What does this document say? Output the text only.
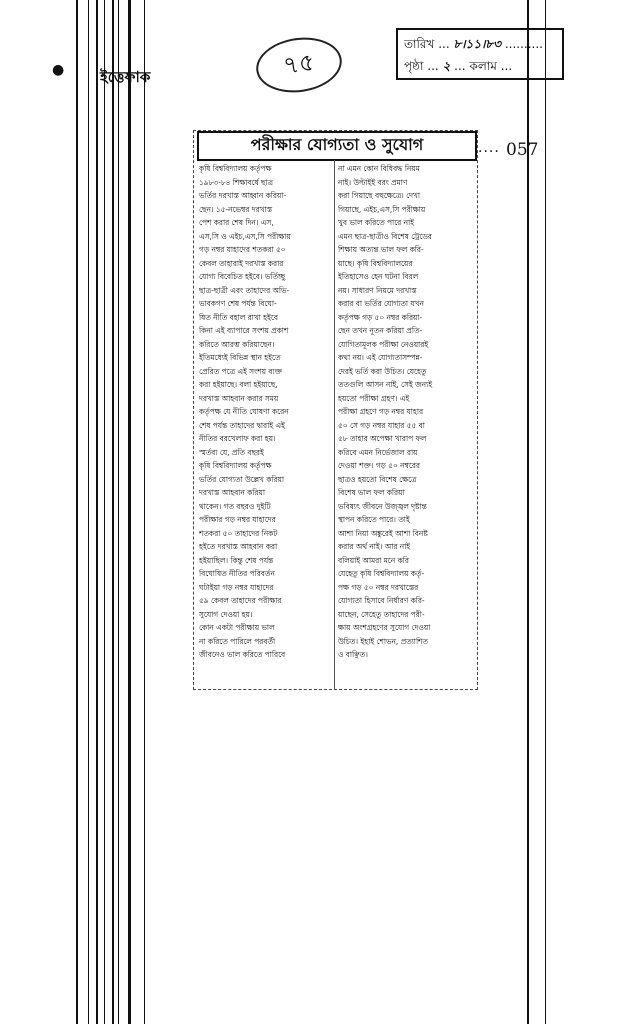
● ইত্তেফাক	৭৫
তারিখ ... ৮।১১।৮৩ ..........
পৃষ্ঠা ... ২ ... কলাম ...
.... 057
পরীক্ষার যোগ্যতা ও সুযোগ

কৃষি বিশ্ববিদ্যালয় কর্তৃপক্ষ

১৯৮৩-৮৪ শিক্ষাবর্ষে ছাত্র

ভর্তির দরখাস্ত আহ্বান করিয়া-

ছেন। ১৫-নভেম্বর দরখাস্ত

পেশ করার শেষ দিন। এস,

এস,সি ও এইচ,এস,সি পরীক্ষায়

গড় নম্বর যাহাদের শতকরা ৫০

কেবল তাহারাই দরখাস্ত করার

যোগ্য বিবেচিত হইবে। ভর্তিচ্ছু

ছাত্র-ছাত্রী এবং তাহাদের অভি-

ভাবকগণ শেষ পর্যন্ত বিঘো-

ষিত নীতি বহাল রাখা হইবে

কিনা এই ব্যাপারে সংশয় প্রকাশ

করিতে আরম্ভ করিয়াছেন।

ইতিমধ্যেই বিভিন্ন স্থান হইতে

প্রেরিত পত্রে এই সংশয় ব্যক্ত

করা হইয়াছে। বলা হইয়াছে,

দরখাস্ত আহবান করার সময়

কর্তৃপক্ষ যে নীতি ঘোষণা করেন

শেষ পর্যন্ত তাহাদের দ্বারাই এই

নীতির বরখেলাফ করা হয়।

স্মর্তব্য যে, প্রতি বছরই

কৃষি বিশ্ববিদ্যালয় কর্তৃপক্ষ

ভর্তির যোগ্যতা উল্লেখ করিয়া

দরখাস্ত আহবান করিয়া

থাকেন। গত বছরও দুইটি

পরীক্ষার গড় নম্বর যাহাদের

শতকরা ৫০ তাহাদের নিকট

হইতে দরখাস্ত আহবান করা

হইয়াছিল। কিন্তু শেষ পর্যন্ত

বিঘোষিত নীতির পরিবর্তন

ঘটাইয়া গড় নম্বর যাহাদের

৫৯ কেবল তাহাদের পরীক্ষার

সুযোগ দেওয়া হয়।

কোন একটা পরীক্ষায় ভাল

না করিতে পারিলে পরবর্তী

জীবনেও ভাল করিতে পারিবে

না এমন কোন বিধিবদ্ধ নিয়ম

নাই। উল্টাইই বরং প্রমাণ

করা গিয়াছে বহুক্ষেত্রে। দেখা

গিয়াছে, এইচ,এস,সি পরীক্ষায়

খুব ভাল করিতে পারে নাই

এমন ছাত্র-ছাত্রীও বিশেষ ট্রেডের

শিক্ষায় অত্যন্ত ভাল ফল করি-

য়াছে। কৃষি বিশ্ববিদ্যালয়ের

ইতিহাসেও হেন ঘটনা বিরল

নয়। সাধারণ নিয়মে দরখাস্ত

করার বা ভর্তির যোগ্যতা যখন

কর্তৃপক্ষ গড় ৫০ নম্বর করিয়া-

ছেন তখন নূতন করিয়া প্রতি-

যোগিতামূলক পরীক্ষা নেওয়ারই

কথা নয়। এই যোগ্যতাসম্পন্ন-

দেরই ভর্তি করা উচিত। যেহেতু

ততগুলি আসন নাই, সেই জন্যই

হয়তো পরীক্ষা গ্রহণ। এই

পরীক্ষা গ্রহণে গড় নম্বর যাহার

৫০ সে গড় নম্বর যাহার ৫৫ বা

৫৮ তাহার অপেক্ষা খারাপ ফল

করিবে এমন নির্ভেজাল রায়

দেওয়া শক্ত। গড় ৫০ নম্বরের

ছাত্রও হয়তো বিশেষ ক্ষেত্রে

বিশেষ ভাল ফল করিয়া

ভবিষ্যৎ জীবনে উজ্জ্বল দৃষ্টান্ত

স্থাপন করিতে পারে। তাই

আশা নিয়া অঙ্কুরেই আশা বিনষ্ট

করার অর্থ নাই। আর নাই

বলিয়াই আমরা মনে করি

যেহেতু কৃষি বিশ্ববিদ্যালয় কর্তৃ-

পক্ষ গড় ৫০ নম্বর দরখাস্তের

যোগ্যতা হিসাবে নির্ধারণ করি-

য়াছেন, সেহেতু তাহাদের পরী-

ক্ষায় অংশগ্রহণের সুযোগ দেওয়া

উচিত। ইহাই শোভন, প্রত্যাশিত

ও বাঞ্ছিত।
